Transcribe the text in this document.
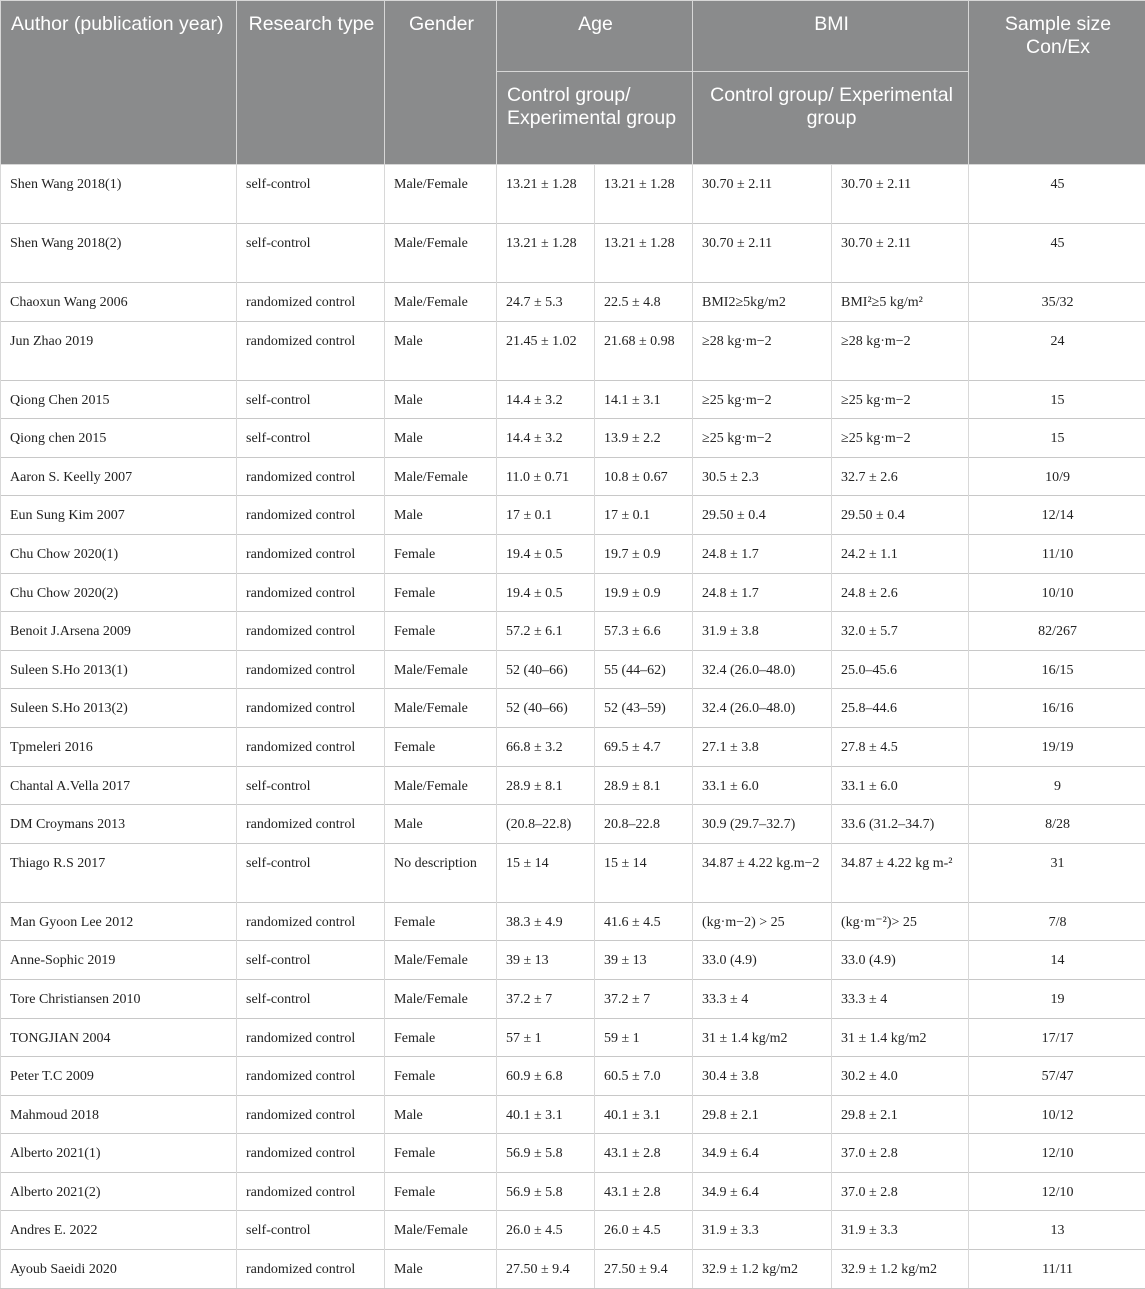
Author (publication year)	Research type	Gender	Age		BMI		Sample size Con/Ex
			Control group/ Experimental group		Control group/ Experimental group		
Shen Wang 2018(1)	self-control	Male/Female	13.21 ± 1.28	13.21 ± 1.28	30.70 ± 2.11	30.70 ± 2.11	45
Shen Wang 2018(2)	self-control	Male/Female	13.21 ± 1.28	13.21 ± 1.28	30.70 ± 2.11	30.70 ± 2.11	45
Chaoxun Wang 2006	randomized control	Male/Female	24.7 ± 5.3	22.5 ± 4.8	BMI2≥5kg/m2	BMI²≥5 kg/m²	35/32
Jun Zhao 2019	randomized control	Male	21.45 ± 1.02	21.68 ± 0.98	≥28 kg·m−2	≥28 kg·m−2	24
Qiong Chen 2015	self-control	Male	14.4 ± 3.2	14.1 ± 3.1	≥25 kg·m−2	≥25 kg·m−2	15
Qiong chen 2015	self-control	Male	14.4 ± 3.2	13.9 ± 2.2	≥25 kg·m−2	≥25 kg·m−2	15
Aaron S. Keelly 2007	randomized control	Male/Female	11.0 ± 0.71	10.8 ± 0.67	30.5 ± 2.3	32.7 ± 2.6	10/9
Eun Sung Kim 2007	randomized control	Male	17 ± 0.1	17 ± 0.1	29.50 ± 0.4	29.50 ± 0.4	12/14
Chu Chow 2020(1)	randomized control	Female	19.4 ± 0.5	19.7 ± 0.9	24.8 ± 1.7	24.2 ± 1.1	11/10
Chu Chow 2020(2)	randomized control	Female	19.4 ± 0.5	19.9 ± 0.9	24.8 ± 1.7	24.8 ± 2.6	10/10
Benoit J.Arsena 2009	randomized control	Female	57.2 ± 6.1	57.3 ± 6.6	31.9 ± 3.8	32.0 ± 5.7	82/267
Suleen S.Ho 2013(1)	randomized control	Male/Female	52 (40–66)	55 (44–62)	32.4 (26.0–48.0)	25.0–45.6	16/15
Suleen S.Ho 2013(2)	randomized control	Male/Female	52 (40–66)	52 (43–59)	32.4 (26.0–48.0)	25.8–44.6	16/16
Tpmeleri 2016	randomized control	Female	66.8 ± 3.2	69.5 ± 4.7	27.1 ± 3.8	27.8 ± 4.5	19/19
Chantal A.Vella 2017	self-control	Male/Female	28.9 ± 8.1	28.9 ± 8.1	33.1 ± 6.0	33.1 ± 6.0	9
DM Croymans 2013	randomized control	Male	(20.8–22.8)	20.8–22.8	30.9 (29.7–32.7)	33.6 (31.2–34.7)	8/28
Thiago R.S 2017	self-control	No description	15 ± 14	15 ± 14	34.87 ± 4.22 kg.m−2	34.87 ± 4.22 kg m-²	31
Man Gyoon Lee 2012	randomized control	Female	38.3 ± 4.9	41.6 ± 4.5	(kg·m−2) > 25	(kg·m⁻²)> 25	7/8
Anne-Sophic 2019	self-control	Male/Female	39 ± 13	39 ± 13	33.0 (4.9)	33.0 (4.9)	14
Tore Christiansen 2010	self-control	Male/Female	37.2 ± 7	37.2 ± 7	33.3 ± 4	33.3 ± 4	19
TONGJIAN 2004	randomized control	Female	57 ± 1	59 ± 1	31 ± 1.4 kg/m2	31 ± 1.4 kg/m2	17/17
Peter T.C 2009	randomized control	Female	60.9 ± 6.8	60.5 ± 7.0	30.4 ± 3.8	30.2 ± 4.0	57/47
Mahmoud 2018	randomized control	Male	40.1 ± 3.1	40.1 ± 3.1	29.8 ± 2.1	29.8 ± 2.1	10/12
Alberto 2021(1)	randomized control	Female	56.9 ± 5.8	43.1 ± 2.8	34.9 ± 6.4	37.0 ± 2.8	12/10
Alberto 2021(2)	randomized control	Female	56.9 ± 5.8	43.1 ± 2.8	34.9 ± 6.4	37.0 ± 2.8	12/10
Andres E. 2022	self-control	Male/Female	26.0 ± 4.5	26.0 ± 4.5	31.9 ± 3.3	31.9 ± 3.3	13
Ayoub Saeidi 2020	randomized control	Male	27.50 ± 9.4	27.50 ± 9.4	32.9 ± 1.2 kg/m2	32.9 ± 1.2 kg/m2	11/11
